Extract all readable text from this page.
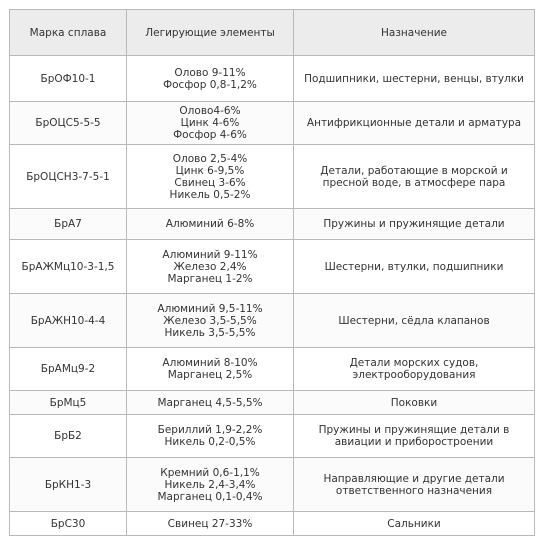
Марка сплава	Легирующие элементы	Назначение
БрОФ10-1	Олово 9-11%
Фосфор 0,8-1,2%	Подшипники, шестерни, венцы, втулки

БрОЦС5-5-5	Олово4-6%
Цинк 4-6%
Фосфор 4-6%	Антифрикционные детали и арматура

БрОЦСН3-7-5-1	Олово 2,5-4%
Цинк 6-9,5%
Свинец 3-6%
Никель 0,5-2%	Детали, работающие в морской и
пресной воде, в атмосфере пара

БрА7	Алюминий 6-8%	Пружины и пружинящие детали

БрАЖМц10-3-1,5	Алюминий 9-11%
Железо 2,4%
Марганец 1-2%	Шестерни, втулки, подшипники

БрАЖН10-4-4	Алюминий 9,5-11%
Железо 3,5-5,5%
Никель 3,5-5,5%	Шестерни, сёдла клапанов

БрАМц9-2	Алюминий 8-10%
Марганец 2,5%	Детали морских судов,
электрооборудования

БрМц5	Марганец 4,5-5,5%	Поковки

БрБ2	Бериллий 1,9-2,2%
Никель 0,2-0,5%	Пружины и пружинящие детали в
авиации и приборостроении

БрКН1-3	Кремний 0,6-1,1%
Никель 2,4-3,4%
Марганец 0,1-0,4%	Направляющие и другие детали
ответственного назначения

БрС30	Свинец 27-33%	Сальники
